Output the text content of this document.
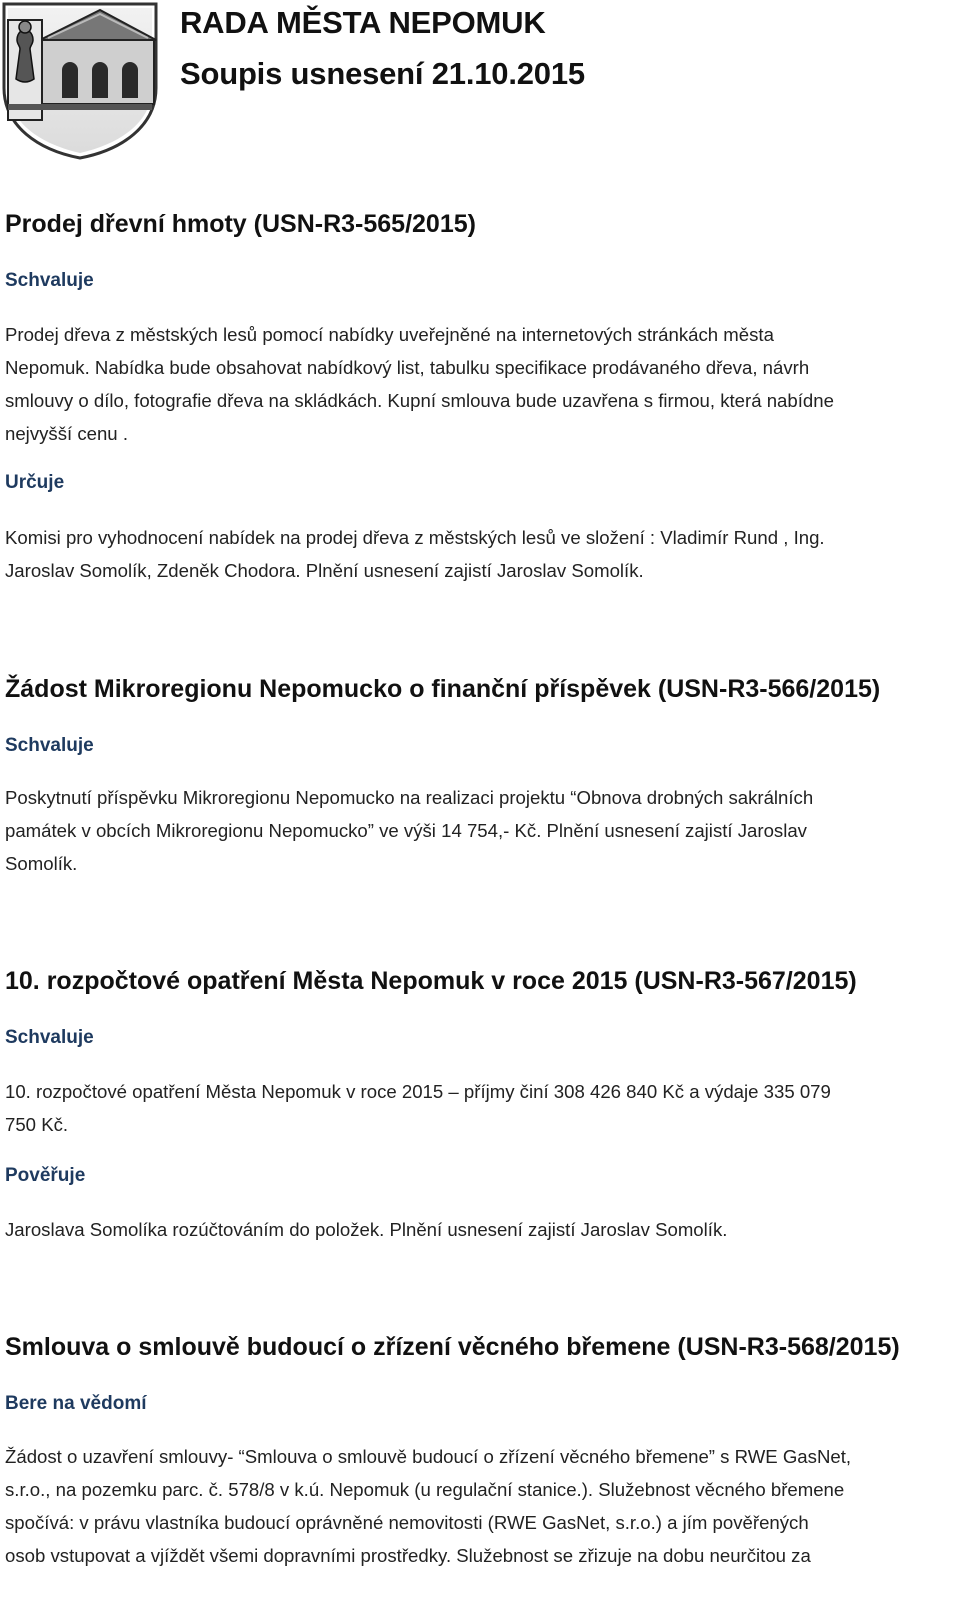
RADA MĚSTA NEPOMUK
Soupis usnesení 21.10.2015
Prodej dřevní hmoty (USN-R3-565/2015)
Schvaluje
Prodej dřeva z městských lesů pomocí nabídky uveřejněné na internetových stránkách města
Nepomuk. Nabídka bude obsahovat nabídkový list, tabulku specifikace prodávaného dřeva, návrh
smlouvy o dílo, fotografie dřeva na skládkách. Kupní smlouva bude uzavřena s firmou, která nabídne
nejvyšší cenu .
Určuje
Komisi pro vyhodnocení nabídek na prodej dřeva z městských lesů ve složení : Vladimír Rund , Ing.
Jaroslav Somolík, Zdeněk Chodora. Plnění usnesení zajistí Jaroslav Somolík.
Žádost Mikroregionu Nepomucko o finanční příspěvek (USN-R3-566/2015)
Schvaluje
Poskytnutí příspěvku Mikroregionu Nepomucko na realizaci projektu “Obnova drobných sakrálních
památek v obcích Mikroregionu Nepomucko” ve výši 14 754,- Kč. Plnění usnesení zajistí Jaroslav
Somolík.
10. rozpočtové opatření Města Nepomuk v roce 2015 (USN-R3-567/2015)
Schvaluje
10. rozpočtové opatření Města Nepomuk v roce 2015 – příjmy činí 308 426 840 Kč a výdaje 335 079
750 Kč.
Pověřuje
Jaroslava Somolíka rozúčtováním do položek. Plnění usnesení zajistí Jaroslav Somolík.
Smlouva o smlouvě budoucí o zřízení věcného břemene (USN-R3-568/2015)
Bere na vědomí
Žádost o uzavření smlouvy- “Smlouva o smlouvě budoucí o zřízení věcného břemene” s RWE GasNet,
s.r.o., na pozemku parc. č. 578/8 v k.ú. Nepomuk (u regulační stanice.). Služebnost věcného břemene
spočívá: v právu vlastníka budoucí oprávněné nemovitosti (RWE GasNet, s.r.o.) a jím pověřených
osob vstupovat a vjíždět všemi dopravními prostředky. Služebnost se zřizuje na dobu neurčitou za
